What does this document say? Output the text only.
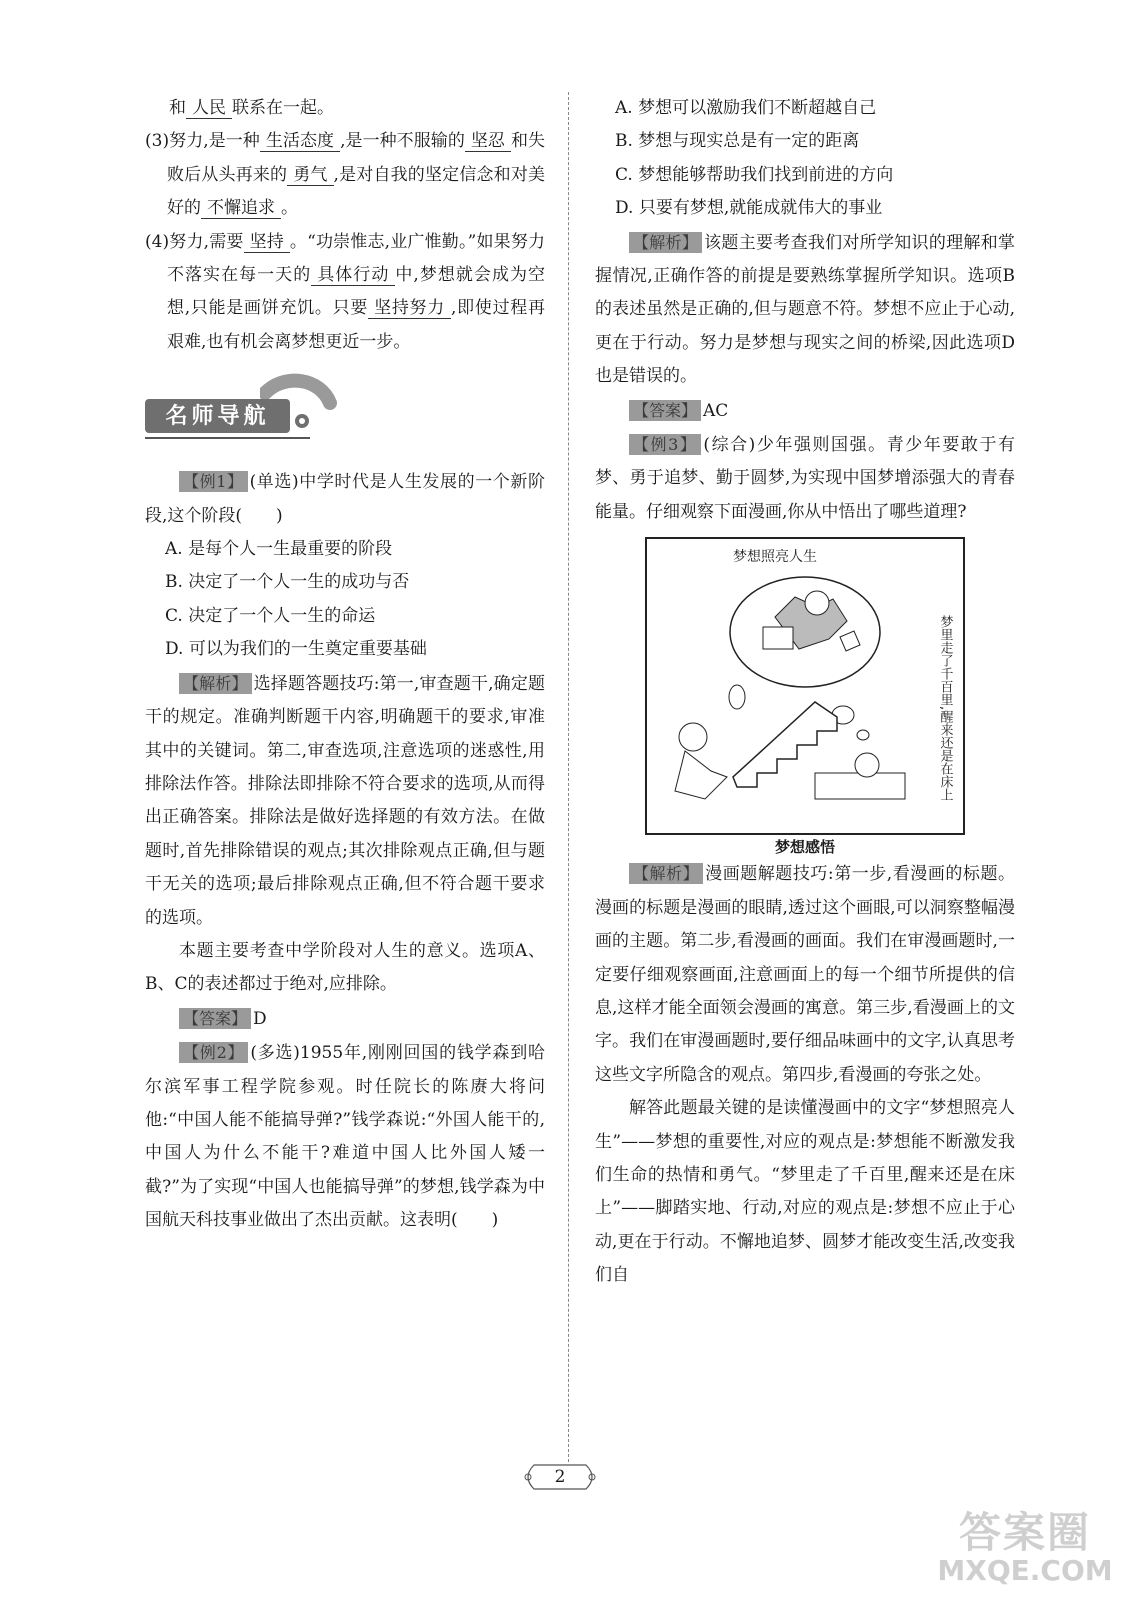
和 人民 联系在一起。

(3)努力,是一种 生活态度 ,是一种不服输的 坚忍 和失败后从头再来的 勇气 ,是对自我的坚定信念和对美好的 不懈追求 。

(4)努力,需要 坚持 。“功崇惟志,业广惟勤。”如果努力不落实在每一天的 具体行动 中,梦想就会成为空想,只能是画饼充饥。只要 坚持努力 ,即使过程再艰难,也有机会离梦想更近一步。

名师导航

【例1】 (单选)中学时代是人生发展的一个新阶段,这个阶段(　　)

A. 是每个人一生最重要的阶段

B. 决定了一个人一生的成功与否

C. 决定了一个人一生的命运

D. 可以为我们的一生奠定重要基础

【解析】 选择题答题技巧:第一,审查题干,确定题干的规定。准确判断题干内容,明确题干的要求,审准其中的关键词。第二,审查选项,注意选项的迷惑性,用排除法作答。排除法即排除不符合要求的选项,从而得出正确答案。排除法是做好选择题的有效方法。在做题时,首先排除错误的观点;其次排除观点正确,但与题干无关的选项;最后排除观点正确,但不符合题干要求的选项。

本题主要考查中学阶段对人生的意义。选项A、B、C的表述都过于绝对,应排除。

【答案】 D

【例2】 (多选)1955年,刚刚回国的钱学森到哈尔滨军事工程学院参观。时任院长的陈赓大将问他:“中国人能不能搞导弹?”钱学森说:“外国人能干的,中国人为什么不能干?难道中国人比外国人矮一截?”为了实现“中国人也能搞导弹”的梦想,钱学森为中国航天科技事业做出了杰出贡献。这表明(　　)

A. 梦想可以激励我们不断超越自己

B. 梦想与现实总是有一定的距离

C. 梦想能够帮助我们找到前进的方向

D. 只要有梦想,就能成就伟大的事业

【解析】 该题主要考查我们对所学知识的理解和掌握情况,正确作答的前提是要熟练掌握所学知识。选项B的表述虽然是正确的,但与题意不符。梦想不应止于心动,更在于行动。努力是梦想与现实之间的桥梁,因此选项D也是错误的。

【答案】 AC

【例3】 (综合)少年强则国强。青少年要敢于有梦、勇于追梦、勤于圆梦,为实现中国梦增添强大的青春能量。仔细观察下面漫画,你从中悟出了哪些道理?

梦想照亮人生
梦里走了千百里,醒来还是在床上
梦想感悟

【解析】 漫画题解题技巧:第一步,看漫画的标题。漫画的标题是漫画的眼睛,透过这个画眼,可以洞察整幅漫画的主题。第二步,看漫画的画面。我们在审漫画题时,一定要仔细观察画面,注意画面上的每一个细节所提供的信息,这样才能全面领会漫画的寓意。第三步,看漫画上的文字。我们在审漫画题时,要仔细品味画中的文字,认真思考这些文字所隐含的观点。第四步,看漫画的夸张之处。

解答此题最关键的是读懂漫画中的文字“梦想照亮人生”——梦想的重要性,对应的观点是:梦想能不断激发我们生命的热情和勇气。“梦里走了千百里,醒来还是在床上”——脚踏实地、行动,对应的观点是:梦想不应止于心动,更在于行动。不懈地追梦、圆梦才能改变生活,改变我们自

2
答案圈
MXQE.COM
